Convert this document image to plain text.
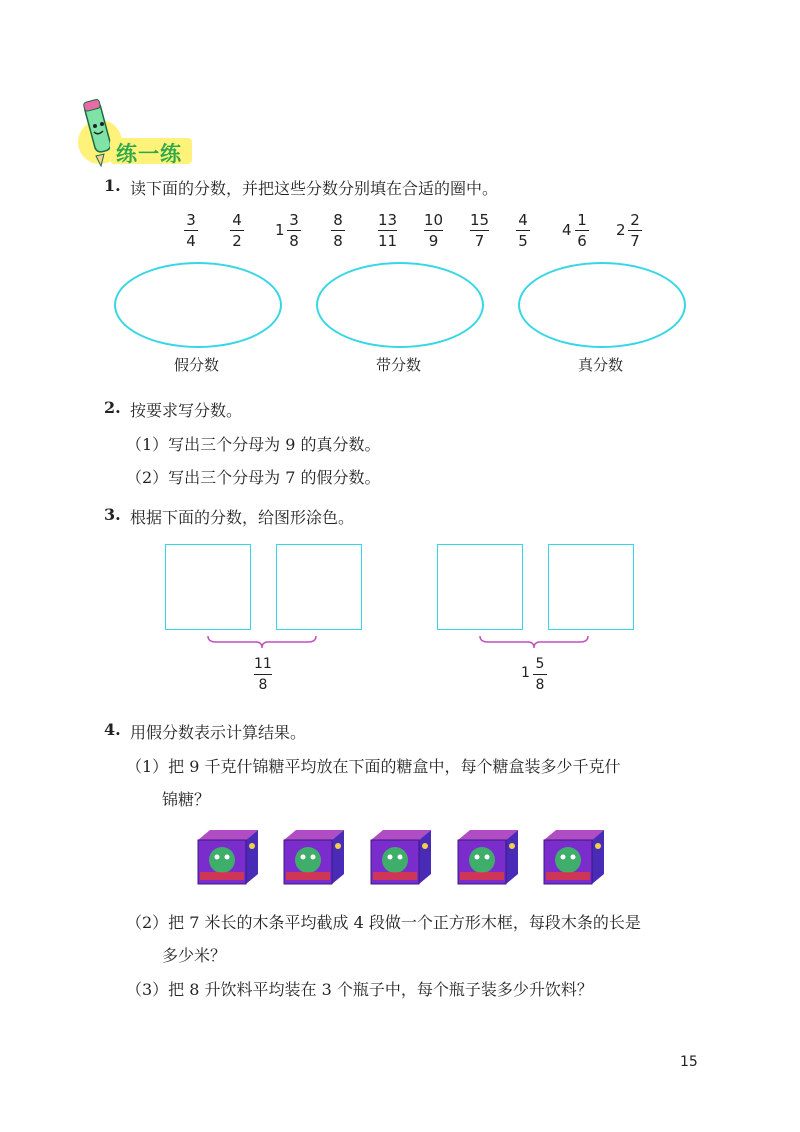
练一练
1. 读下面的分数，并把这些分数分别填在合适的圈中。
3
4
4
2
1
3
8
8
8
13
11
10
9
15
7
4
5
4
1
6
2
2
7
假分数	带分数	真分数
2. 按要求写分数。
（1）写出三个分母为 9 的真分数。
（2）写出三个分母为 7 的假分数。
3. 根据下面的分数，给图形涂色。
11
8
1
5
8
4. 用假分数表示计算结果。
（1）把 9 千克什锦糖平均放在下面的糖盒中，每个糖盒装多少千克什
锦糖？
（2）把 7 米长的木条平均截成 4 段做一个正方形木框，每段木条的长是
多少米？
（3）把 8 升饮料平均装在 3 个瓶子中，每个瓶子装多少升饮料？
15
